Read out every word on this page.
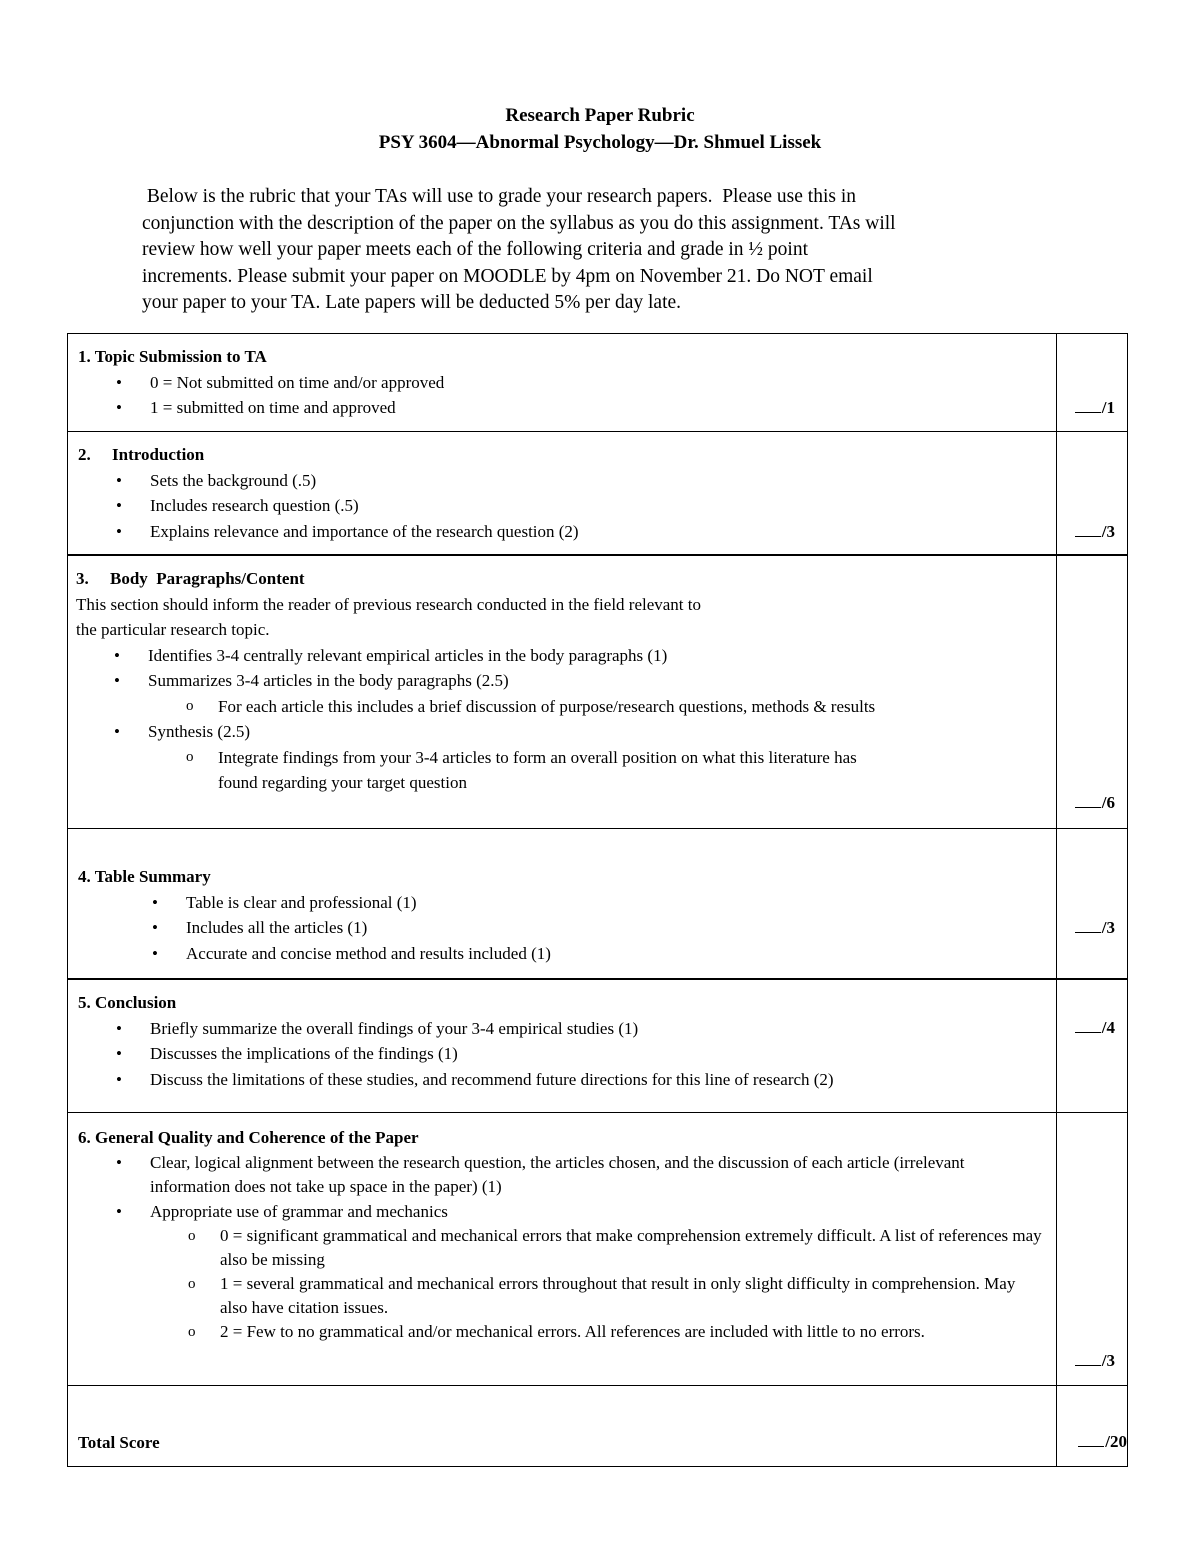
Research Paper Rubric
PSY 3604—Abnormal Psychology—Dr. Shmuel Lissek
Below is the rubric that your TAs will use to grade your research papers.  Please use this in
conjunction with the description of the paper on the syllabus as you do this assignment. TAs will
review how well your paper meets each of the following criteria and grade in ½ point
increments. Please submit your paper on MOODLE by 4pm on November 21. Do NOT email
your paper to your TA. Late papers will be deducted 5% per day late.
1. Topic Submission to TA
• 0 = Not submitted on time and/or approved
• 1 = submitted on time and approved	/1
2.     Introduction
• Sets the background (.5)
• Includes research question (.5)
• Explains relevance and importance of the research question (2)	/3
3.     Body  Paragraphs/Content
This section should inform the reader of previous research conducted in the field relevant to
the particular research topic.
• Identifies 3-4 centrally relevant empirical articles in the body paragraphs (1)
• Summarizes 3-4 articles in the body paragraphs (2.5)
o For each article this includes a brief discussion of purpose/research questions, methods & results
• Synthesis (2.5)
o Integrate findings from your 3-4 articles to form an overall position on what this literature has found regarding your target question
/6
4. Table Summary
• Table is clear and professional (1)
• Includes all the articles (1)
• Accurate and concise method and results included (1)
/3
5. Conclusion
• Briefly summarize the overall findings of your 3-4 empirical studies (1)
• Discusses the implications of the findings (1)
• Discuss the limitations of these studies, and recommend future directions for this line of research (2)
/4
6. General Quality and Coherence of the Paper
• Clear, logical alignment between the research question, the articles chosen, and the discussion of each article (irrelevant information does not take up space in the paper) (1)
• Appropriate use of grammar and mechanics
o 0 = significant grammatical and mechanical errors that make comprehension extremely difficult. A list of references may also be missing
o 1 = several grammatical and mechanical errors throughout that result in only slight difficulty in comprehension. May also have citation issues.
o 2 = Few to no grammatical and/or mechanical errors. All references are included with little to no errors.
/3
Total Score	/20
